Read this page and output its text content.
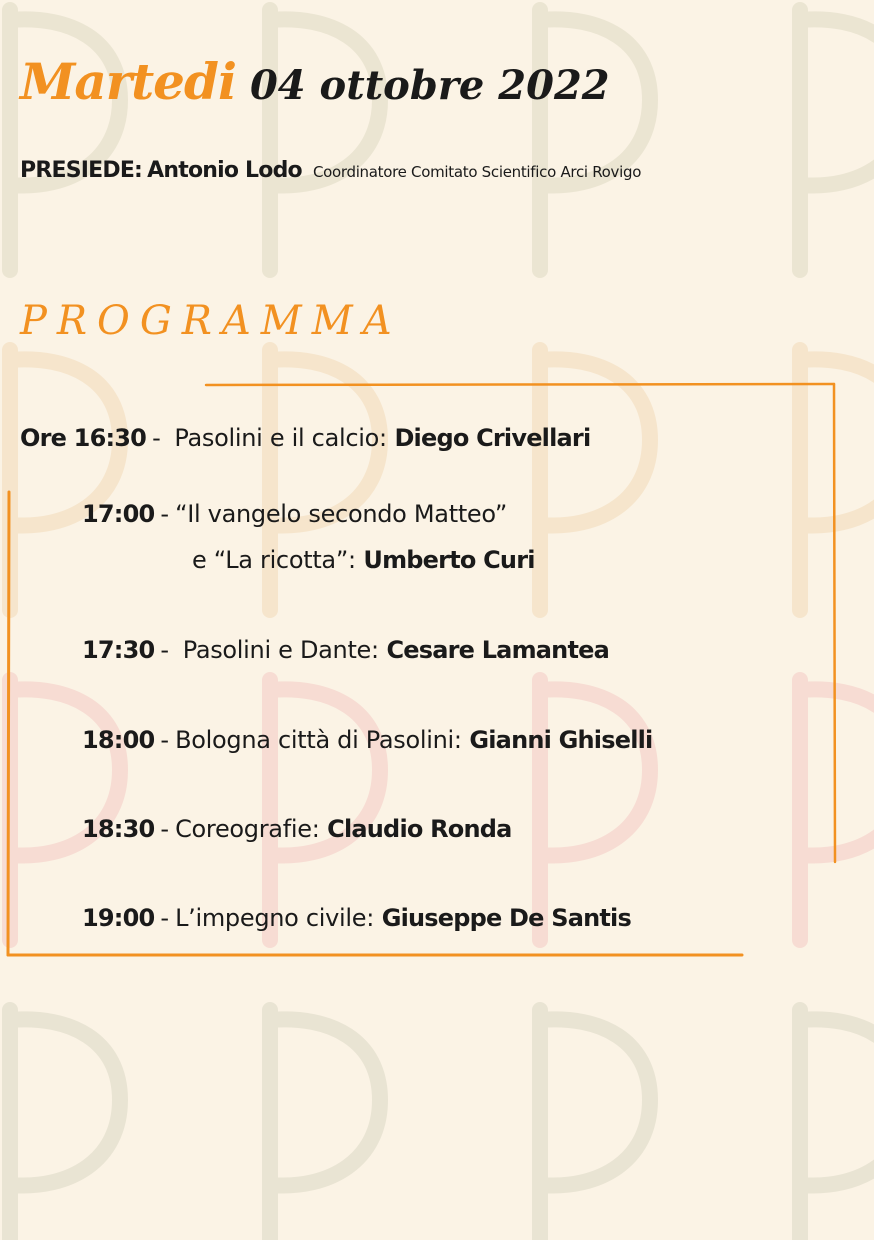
Martedi 04 ottobre 2022
PRESIEDE: Antonio Lodo Coordinatore Comitato Scientifico Arci Rovigo
PROGRAMMA
Ore 16:30 - Pasolini e il calcio: Diego Crivellari
17:00 - “Il vangelo secondo Matteo”
e “La ricotta”: Umberto Curi
17:30 - Pasolini e Dante: Cesare Lamantea
18:00 - Bologna città di Pasolini: Gianni Ghiselli
18:30 - Coreografie: Claudio Ronda
19:00 - L’impegno civile: Giuseppe De Santis
